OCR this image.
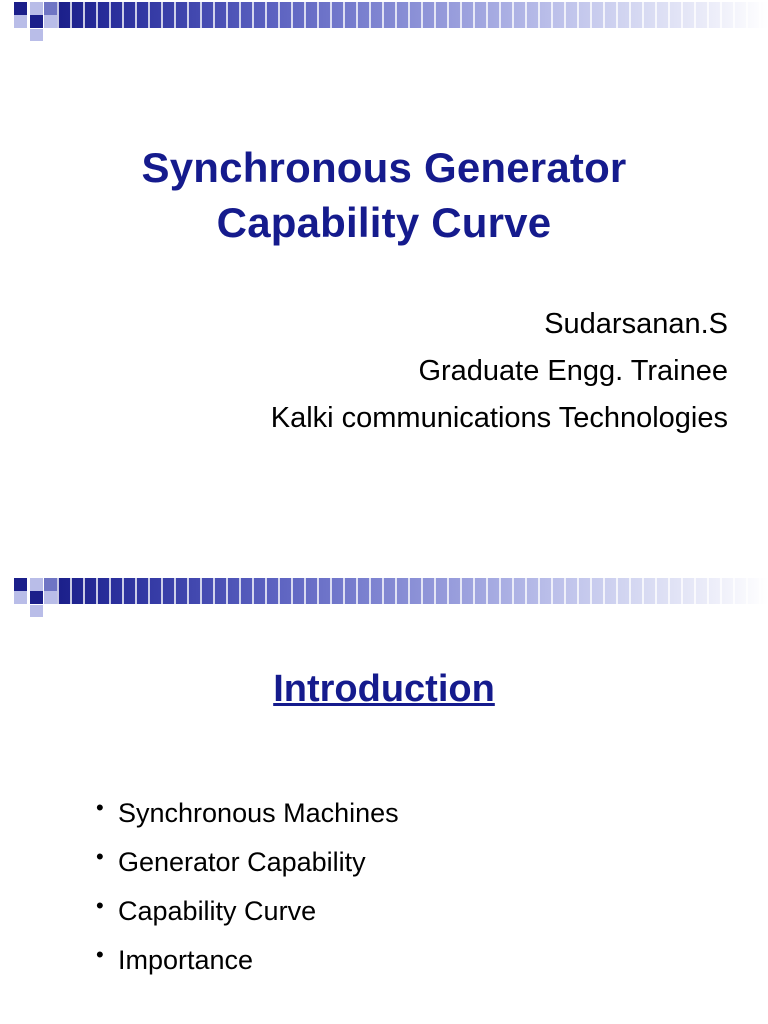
Synchronous Generator
Capability Curve
Sudarsanan.S
Graduate Engg. Trainee
Kalki communications Technologies
Introduction
• Synchronous Machines
• Generator Capability
• Capability Curve
• Importance
